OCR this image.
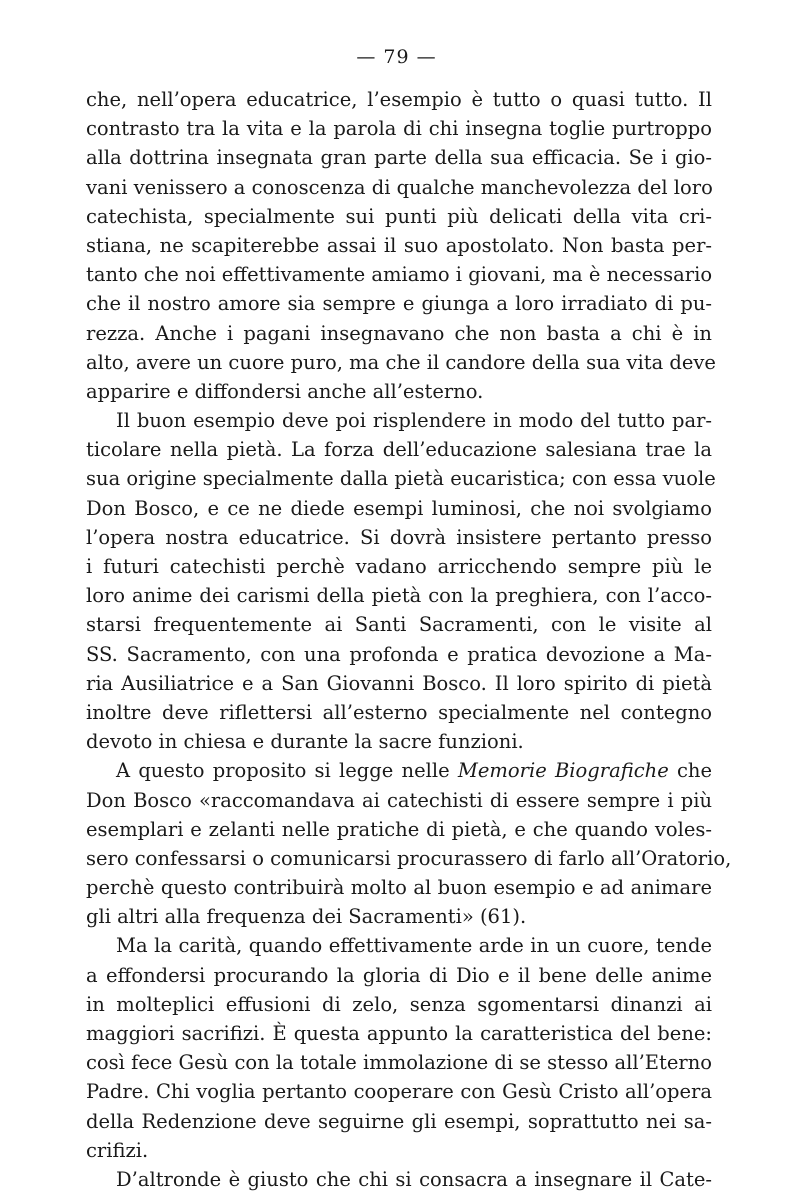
— 79 —
che, nell’opera educatrice, l’esempio è tutto o quasi tutto. Il
contrasto tra la vita e la parola di chi insegna toglie purtroppo
alla dottrina insegnata gran parte della sua efficacia. Se i gio-
vani venissero a conoscenza di qualche manchevolezza del loro
catechista, specialmente sui punti più delicati della vita cri-
stiana, ne scapiterebbe assai il suo apostolato. Non basta per-
tanto che noi effettivamente amiamo i giovani, ma è necessario
che il nostro amore sia sempre e giunga a loro irradiato di pu-
rezza. Anche i pagani insegnavano che non basta a chi è in
alto, avere un cuore puro, ma che il candore della sua vita deve
apparire e diffondersi anche all’esterno.
Il buon esempio deve poi risplendere in modo del tutto par-
ticolare nella pietà. La forza dell’educazione salesiana trae la
sua origine specialmente dalla pietà eucaristica; con essa vuole
Don Bosco, e ce ne diede esempi luminosi, che noi svolgiamo
l’opera nostra educatrice. Si dovrà insistere pertanto presso
i futuri catechisti perchè vadano arricchendo sempre più le
loro anime dei carismi della pietà con la preghiera, con l’acco-
starsi frequentemente ai Santi Sacramenti, con le visite al
SS. Sacramento, con una profonda e pratica devozione a Ma-
ria Ausiliatrice e a San Giovanni Bosco. Il loro spirito di pietà
inoltre deve riflettersi all’esterno specialmente nel contegno
devoto in chiesa e durante la sacre funzioni.
A questo proposito si legge nelle Memorie Biografiche che
Don Bosco «raccomandava ai catechisti di essere sempre i più
esemplari e zelanti nelle pratiche di pietà, e che quando voles-
sero confessarsi o comunicarsi procurassero di farlo all’Oratorio,
perchè questo contribuirà molto al buon esempio e ad animare
gli altri alla frequenza dei Sacramenti» (61).
Ma la carità, quando effettivamente arde in un cuore, tende
a effondersi procurando la gloria di Dio e il bene delle anime
in molteplici effusioni di zelo, senza sgomentarsi dinanzi ai
maggiori sacrifizi. È questa appunto la caratteristica del bene:
così fece Gesù con la totale immolazione di se stesso all’Eterno
Padre. Chi voglia pertanto cooperare con Gesù Cristo all’opera
della Redenzione deve seguirne gli esempi, soprattutto nei sa-
crifizi.
D’altronde è giusto che chi si consacra a insegnare il Cate-
